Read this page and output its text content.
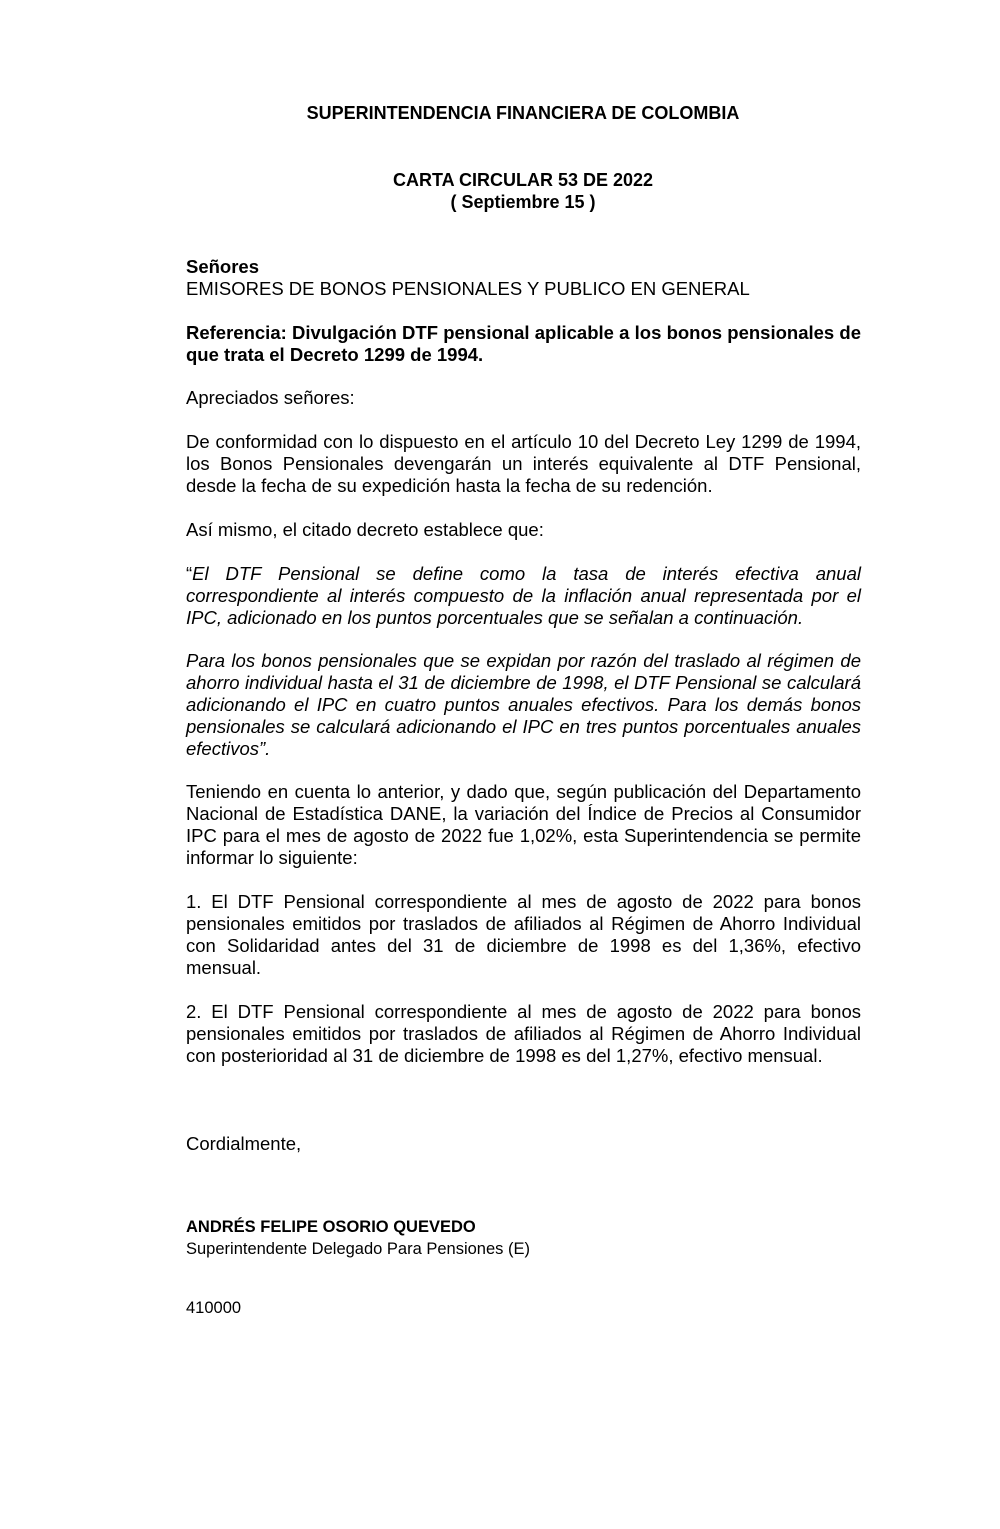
SUPERINTENDENCIA FINANCIERA DE COLOMBIA
CARTA CIRCULAR 53 DE 2022
( Septiembre 15 )
Señores
EMISORES DE BONOS PENSIONALES Y PUBLICO EN GENERAL
Referencia: Divulgación DTF pensional aplicable a los bonos pensionales de que trata el Decreto 1299 de 1994.
Apreciados señores:
De conformidad con lo dispuesto en el artículo 10 del Decreto Ley 1299 de 1994, los Bonos Pensionales devengarán un interés equivalente al DTF Pensional, desde la fecha de su expedición hasta la fecha de su redención.
Así mismo, el citado decreto establece que:
“El DTF Pensional se define como la tasa de interés efectiva anual correspondiente al interés compuesto de la inflación anual representada por el IPC, adicionado en los puntos porcentuales que se señalan a continuación.
Para los bonos pensionales que se expidan por razón del traslado al régimen de ahorro individual hasta el 31 de diciembre de 1998, el DTF Pensional se calculará adicionando el IPC en cuatro puntos anuales efectivos. Para los demás bonos pensionales se calculará adicionando el IPC en tres puntos porcentuales anuales efectivos”.
Teniendo en cuenta lo anterior, y dado que, según publicación del Departamento Nacional de Estadística DANE, la variación del Índice de Precios al Consumidor IPC para el mes de agosto de 2022 fue 1,02%, esta Superintendencia se permite informar lo siguiente:
1. El DTF Pensional correspondiente al mes de agosto de 2022 para bonos pensionales emitidos por traslados de afiliados al Régimen de Ahorro Individual con Solidaridad antes del 31 de diciembre de 1998 es del 1,36%, efectivo mensual.
2. El DTF Pensional correspondiente al mes de agosto de 2022 para bonos pensionales emitidos por traslados de afiliados al Régimen de Ahorro Individual con posterioridad al 31 de diciembre de 1998 es del 1,27%, efectivo mensual.
Cordialmente,
ANDRÉS FELIPE OSORIO QUEVEDO
Superintendente Delegado Para Pensiones (E)
410000
